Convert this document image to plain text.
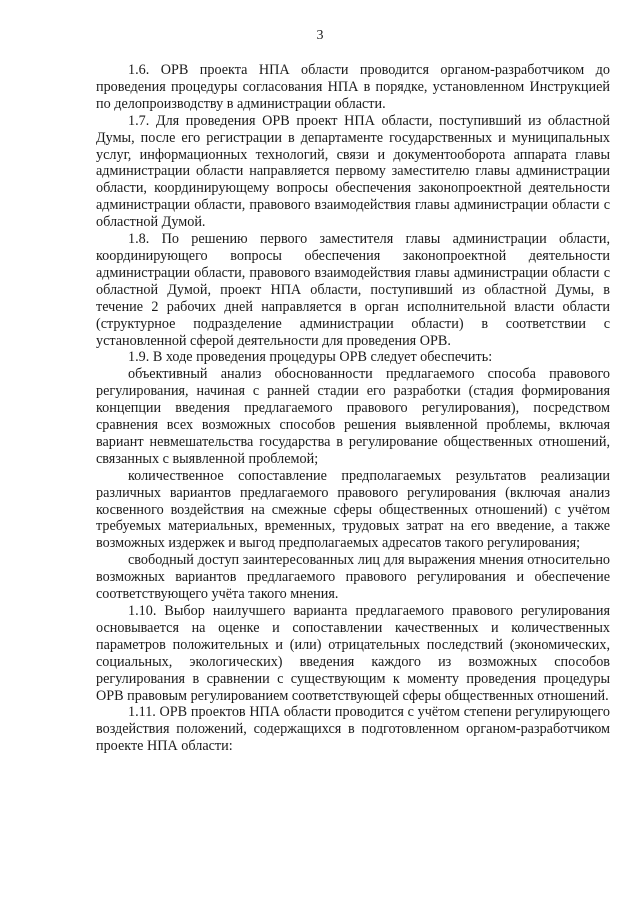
3

1.6. ОРВ проекта НПА области проводится органом-разработчиком до проведения процедуры согласования НПА в порядке, установленном Инструкцией по делопроизводству в администрации области.

1.7. Для проведения ОРВ проект НПА области, поступивший из областной Думы, после его регистрации в департаменте государственных и муниципальных услуг, информационных технологий, связи и документооборота аппарата главы администрации области направляется первому заместителю главы администрации области, координирующему вопросы обеспечения законопроектной деятельности администрации области, правового взаимодействия главы администрации области с областной Думой.

1.8. По решению первого заместителя главы администрации области, координирующего вопросы обеспечения законопроектной деятельности администрации области, правового взаимодействия главы администрации области с областной Думой, проект НПА области, поступивший из областной Думы, в течение 2 рабочих дней направляется в орган исполнительной власти области (структурное подразделение администрации области) в соответствии с установленной сферой деятельности для проведения ОРВ.

1.9. В ходе проведения процедуры ОРВ следует обеспечить:

объективный анализ обоснованности предлагаемого способа правового регулирования, начиная с ранней стадии его разработки (стадия формирования концепции введения предлагаемого правового регулирования), посредством сравнения всех возможных способов решения выявленной проблемы, включая вариант невмешательства государства в регулирование общественных отношений, связанных с выявленной проблемой;

количественное сопоставление предполагаемых результатов реализации различных вариантов предлагаемого правового регулирования (включая анализ косвенного воздействия на смежные сферы общественных отношений) с учётом требуемых материальных, временных, трудовых затрат на его введение, а также возможных издержек и выгод предполагаемых адресатов такого регулирования;

свободный доступ заинтересованных лиц для выражения мнения относительно возможных вариантов предлагаемого правового регулирования и обеспечение соответствующего учёта такого мнения.

1.10. Выбор наилучшего варианта предлагаемого правового регулирования основывается на оценке и сопоставлении качественных и количественных параметров положительных и (или) отрицательных последствий (экономических, социальных, экологических) введения каждого из возможных способов регулирования в сравнении с существующим к моменту проведения процедуры ОРВ правовым регулированием соответствующей сферы общественных отношений.

1.11. ОРВ проектов НПА области проводится с учётом степени регулирующего воздействия положений, содержащихся в подготовленном органом-разработчиком проекте НПА области:
